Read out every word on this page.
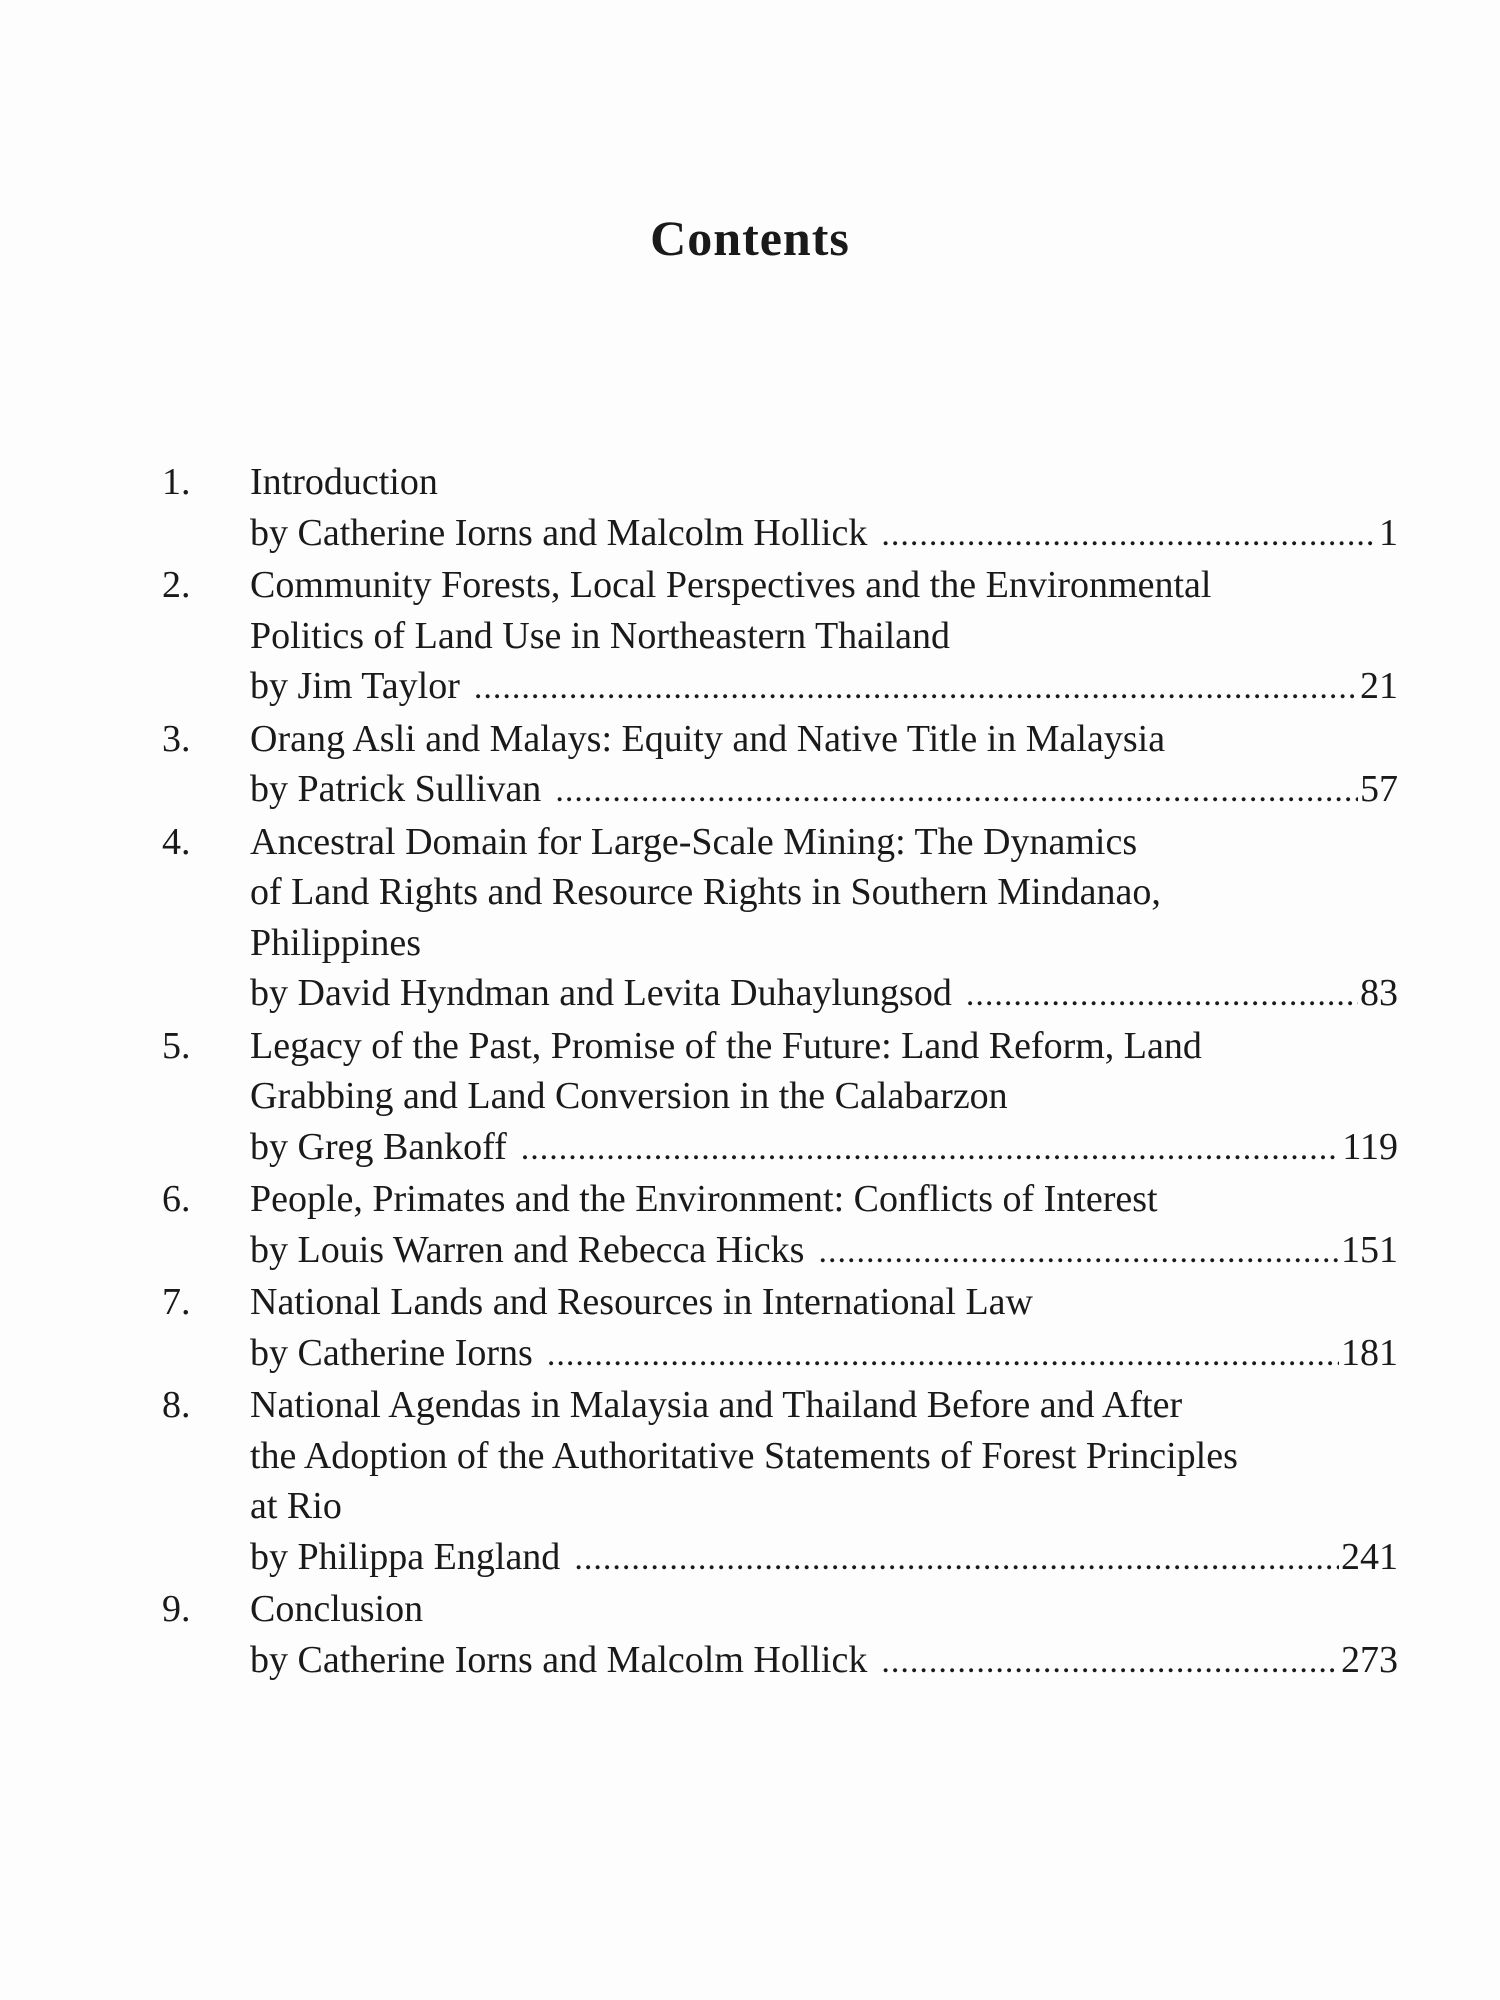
Contents
1.	Introduction
by Catherine Iorns and Malcolm Hollick .....	1
2.	Community Forests, Local Perspectives and the Environmental
Politics of Land Use in Northeastern Thailand
by Jim Taylor .....	21
3.	Orang Asli and Malays: Equity and Native Title in Malaysia
by Patrick Sullivan .....	57
4.	Ancestral Domain for Large-Scale Mining: The Dynamics
of Land Rights and Resource Rights in Southern Mindanao,
Philippines
by David Hyndman and Levita Duhaylungsod .....	83
5.	Legacy of the Past, Promise of the Future: Land Reform, Land
Grabbing and Land Conversion in the Calabarzon
by Greg Bankoff .....	119
6.	People, Primates and the Environment: Conflicts of Interest
by Louis Warren and Rebecca Hicks .....	151
7.	National Lands and Resources in International Law
by Catherine Iorns .....	181
8.	National Agendas in Malaysia and Thailand Before and After
the Adoption of the Authoritative Statements of Forest Principles
at Rio
by Philippa England .....	241
9.	Conclusion
by Catherine Iorns and Malcolm Hollick .....	273
